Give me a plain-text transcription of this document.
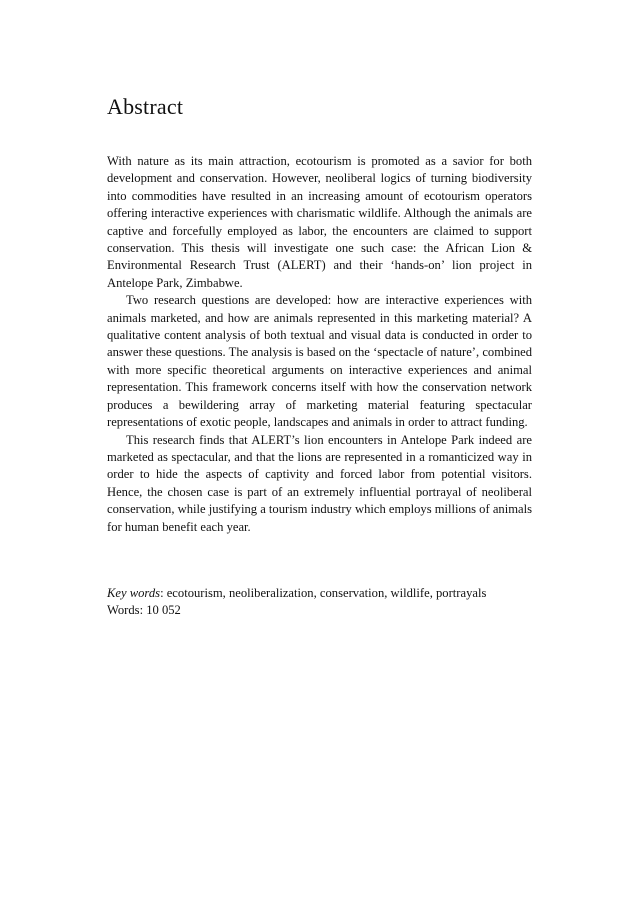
Abstract

With nature as its main attraction, ecotourism is promoted as a savior for both development and conservation. However, neoliberal logics of turning biodiversity into commodities have resulted in an increasing amount of ecotourism operators offering interactive experiences with charismatic wildlife. Although the animals are captive and forcefully employed as labor, the encounters are claimed to support conservation. This thesis will investigate one such case: the African Lion & Environmental Research Trust (ALERT) and their ‘hands-on’ lion project in Antelope Park, Zimbabwe.

Two research questions are developed: how are interactive experiences with animals marketed, and how are animals represented in this marketing material? A qualitative content analysis of both textual and visual data is conducted in order to answer these questions. The analysis is based on the ‘spectacle of nature’, combined with more specific theoretical arguments on interactive experiences and animal representation. This framework concerns itself with how the conservation network produces a bewildering array of marketing material featuring spectacular representations of exotic people, landscapes and animals in order to attract funding.

This research finds that ALERT’s lion encounters in Antelope Park indeed are marketed as spectacular, and that the lions are represented in a romanticized way in order to hide the aspects of captivity and forced labor from potential visitors. Hence, the chosen case is part of an extremely influential portrayal of neoliberal conservation, while justifying a tourism industry which employs millions of animals for human benefit each year.

Key words: ecotourism, neoliberalization, conservation, wildlife, portrayals
Words: 10 052
